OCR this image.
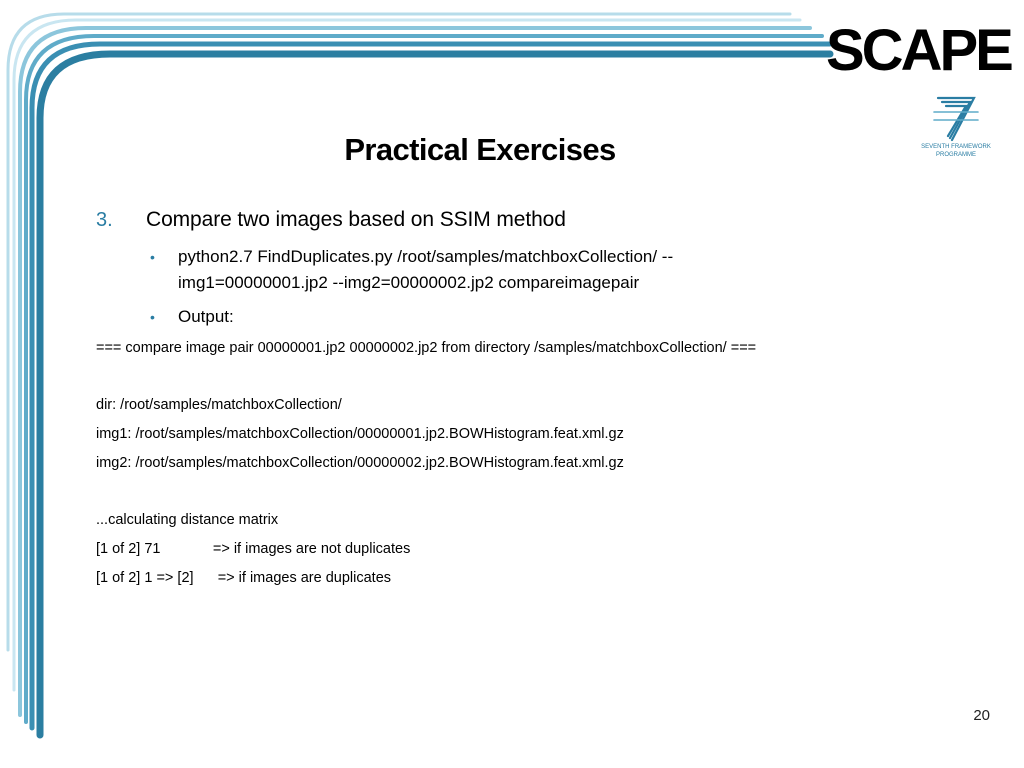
SCAPE
SEVENTH FRAMEWORK
PROGRAMME
Practical Exercises
3. Compare two images based on SSIM method
• python2.7 FindDuplicates.py /root/samples/matchboxCollection/ --img1=00000001.jp2 --img2=00000002.jp2 compareimagepair
• Output:
=== compare image pair 00000001.jp2 00000002.jp2 from directory /samples/matchboxCollection/ ===
dir: /root/samples/matchboxCollection/
img1: /root/samples/matchboxCollection/00000001.jp2.BOWHistogram.feat.xml.gz
img2: /root/samples/matchboxCollection/00000002.jp2.BOWHistogram.feat.xml.gz
...calculating distance matrix
[1 of 2] 71             => if images are not duplicates
[1 of 2] 1 => [2]      => if images are duplicates
20
